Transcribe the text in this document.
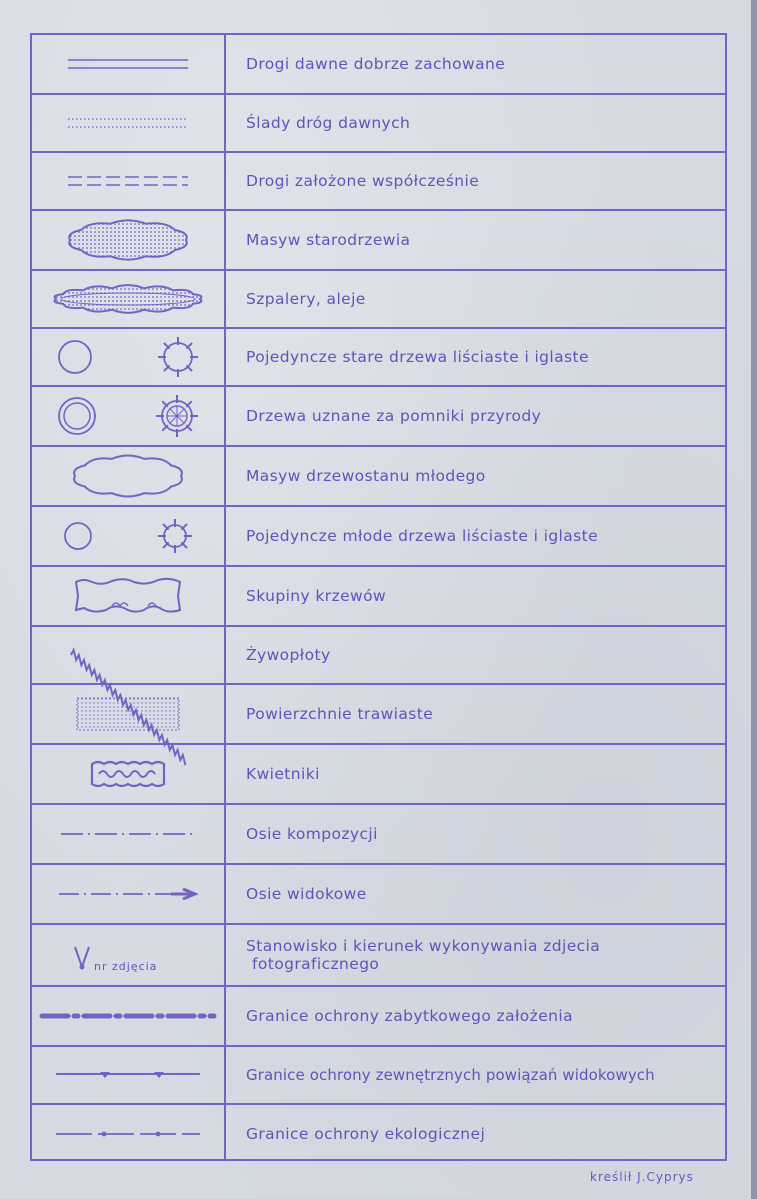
Drogi dawne dobrze zachowane
Ślady dróg dawnych
Drogi założone współcześnie
Masyw starodrzewia
Szpalery, aleje
Pojedyncze stare drzewa liściaste i iglaste
Drzewa uznane za pomniki przyrody
Masyw drzewostanu młodego
Pojedyncze młode drzewa liściaste i iglaste
Skupiny krzewów
Żywopłoty
Powierzchnie trawiaste
Kwietniki
Osie kompozycji
Osie widokowe
nr zdjęcia
Stanowisko i kierunek wykonywania zdjecia
fotograficznego
Granice ochrony zabytkowego założenia
Granice ochrony zewnętrznych powiązań widokowych
Granice ochrony ekologicznej
kreślił J.Cyprys
